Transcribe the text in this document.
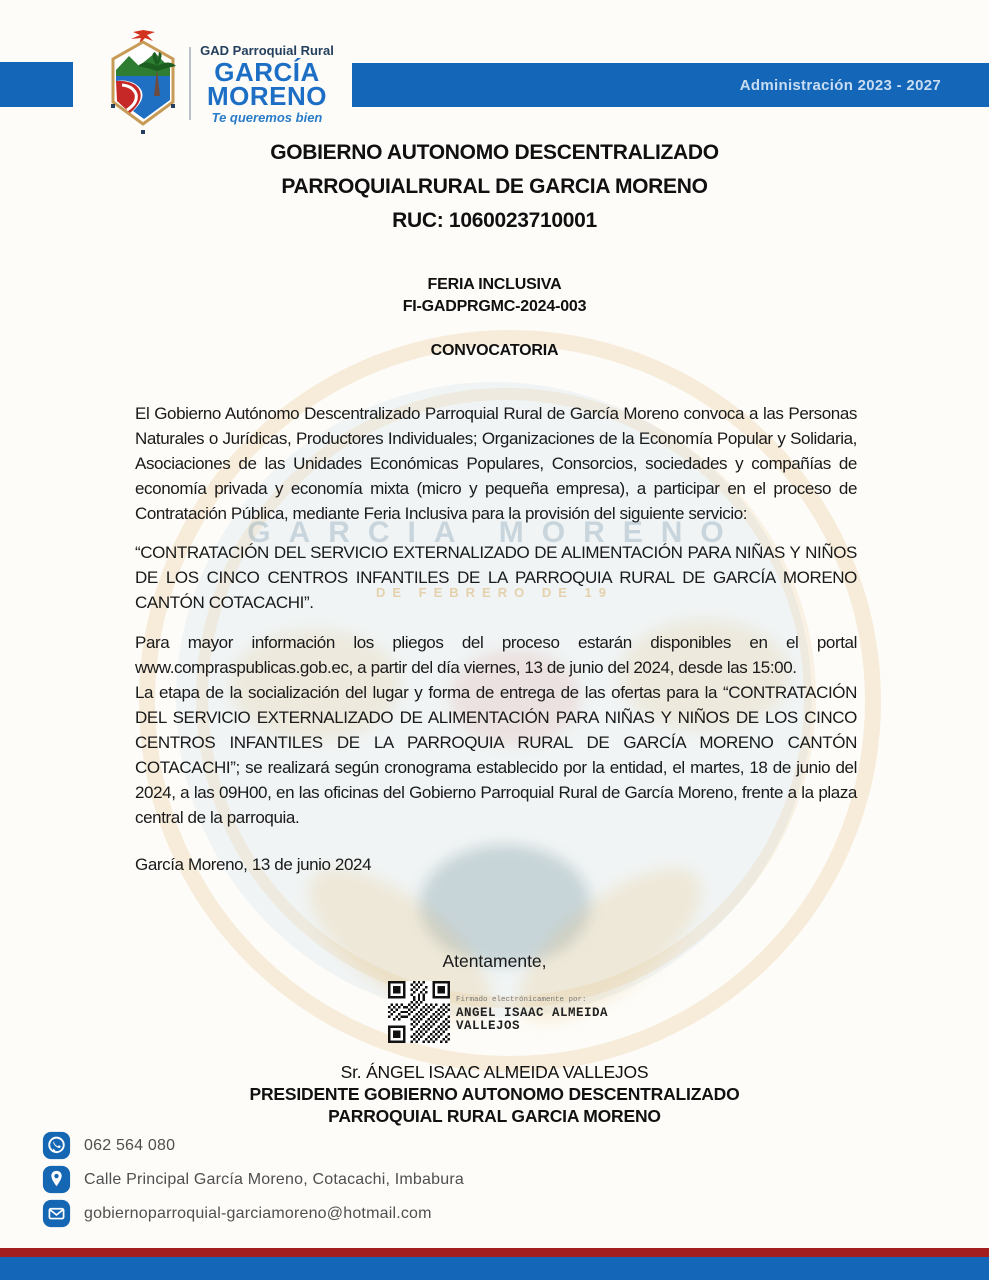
GARCIA MORENO
DE FEBRERO DE 19
Administración 2023 - 2027
GAD Parroquial Rural
GARCÍA
MORENO
Te queremos bien
GOBIERNO AUTONOMO DESCENTRALIZADO
PARROQUIALRURAL DE GARCIA MORENO
RUC: 1060023710001
FERIA INCLUSIVA
FI-GADPRGMC-2024-003
CONVOCATORIA

El Gobierno Autónomo Descentralizado Parroquial Rural de García Moreno convoca a las Personas Naturales o Jurídicas, Productores Individuales; Organizaciones de la Economía Popular y Solidaria, Asociaciones de las Unidades Económicas Populares, Consorcios, sociedades y compañías de economía privada y economía mixta (micro y pequeña empresa), a participar en el proceso de Contratación Pública, mediante Feria Inclusiva para la provisión del siguiente servicio:

“CONTRATACIÓN DEL SERVICIO EXTERNALIZADO DE ALIMENTACIÓN PARA NIÑAS Y NIÑOS DE LOS CINCO CENTROS INFANTILES DE LA PARROQUIA RURAL DE GARCÍA MORENO CANTÓN COTACACHI”.

Para mayor información los pliegos del proceso estarán disponibles en el portal www.compraspublicas.gob.ec, a partir del día viernes, 13 de junio del 2024, desde las 15:00.

La etapa de la socialización del lugar y forma de entrega de las ofertas para la “CONTRATACIÓN DEL SERVICIO EXTERNALIZADO DE ALIMENTACIÓN PARA NIÑAS Y NIÑOS DE LOS CINCO CENTROS INFANTILES DE LA PARROQUIA RURAL DE GARCÍA MORENO CANTÓN COTACACHI”; se realizará según cronograma establecido por la entidad, el martes, 18 de junio del 2024, a las 09H00, en las oficinas del Gobierno Parroquial Rural de García Moreno, frente a la plaza central de la parroquia.

García Moreno, 13 de junio 2024
Atentamente,
Firmado electrónicamente por:
ANGEL ISAAC ALMEIDA
VALLEJOS
Sr. ÁNGEL ISAAC ALMEIDA VALLEJOS
PRESIDENTE GOBIERNO AUTONOMO DESCENTRALIZADO
PARROQUIAL RURAL GARCIA MORENO
062 564 080
Calle Principal García Moreno, Cotacachi, Imbabura
gobiernoparroquial-garciamoreno@hotmail.com
